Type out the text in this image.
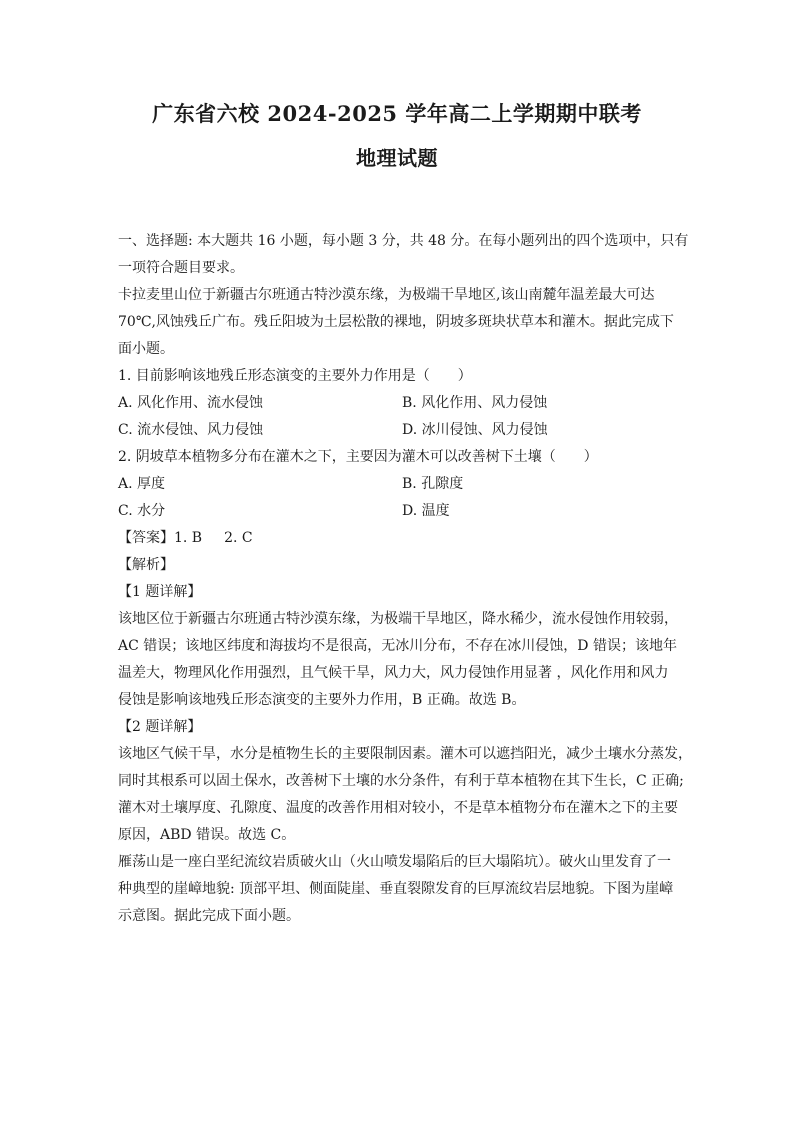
广东省六校 2024-2025 学年高二上学期期中联考
地理试题
一、选择题: 本大题共 16 小题，每小题 3 分，共 48 分。在每小题列出的四个选项中，只有
一项符合题目要求。
卡拉麦里山位于新疆古尔班通古特沙漠东缘，为极端干旱地区,该山南麓年温差最大可达
70℃,风蚀残丘广布。残丘阳坡为土层松散的裸地，阴坡多斑块状草本和灌木。据此完成下
面小题。
1. 目前影响该地残丘形态演变的主要外力作用是（　　）
A. 风化作用、流水侵蚀	B. 风化作用、风力侵蚀
C. 流水侵蚀、风力侵蚀	D. 冰川侵蚀、风力侵蚀
2. 阴坡草本植物多分布在灌木之下，主要因为灌木可以改善树下土壤（　　）
A. 厚度	B. 孔隙度
C. 水分	D. 温度
【答案】1. B 2. C
【解析】
【1 题详解】
该地区位于新疆古尔班通古特沙漠东缘，为极端干旱地区，降水稀少，流水侵蚀作用较弱，
AC 错误；该地区纬度和海拔均不是很高，无冰川分布，不存在冰川侵蚀，D 错误；该地年
温差大，物理风化作用强烈，且气候干旱，风力大，风力侵蚀作用显著 ，风化作用和风力
侵蚀是影响该地残丘形态演变的主要外力作用，B 正确。故选 B。
【2 题详解】
该地区气候干旱，水分是植物生长的主要限制因素。灌木可以遮挡阳光，减少土壤水分蒸发，
同时其根系可以固土保水，改善树下土壤的水分条件，有利于草本植物在其下生长，C 正确;
灌木对土壤厚度、孔隙度、温度的改善作用相对较小，不是草本植物分布在灌木之下的主要
原因，ABD 错误。故选 C。
雁荡山是一座白垩纪流纹岩质破火山（火山喷发塌陷后的巨大塌陷坑）。破火山里发育了一
种典型的崖嶂地貌: 顶部平坦、侧面陡崖、垂直裂隙发育的巨厚流纹岩层地貌。下图为崖嶂
示意图。据此完成下面小题。
